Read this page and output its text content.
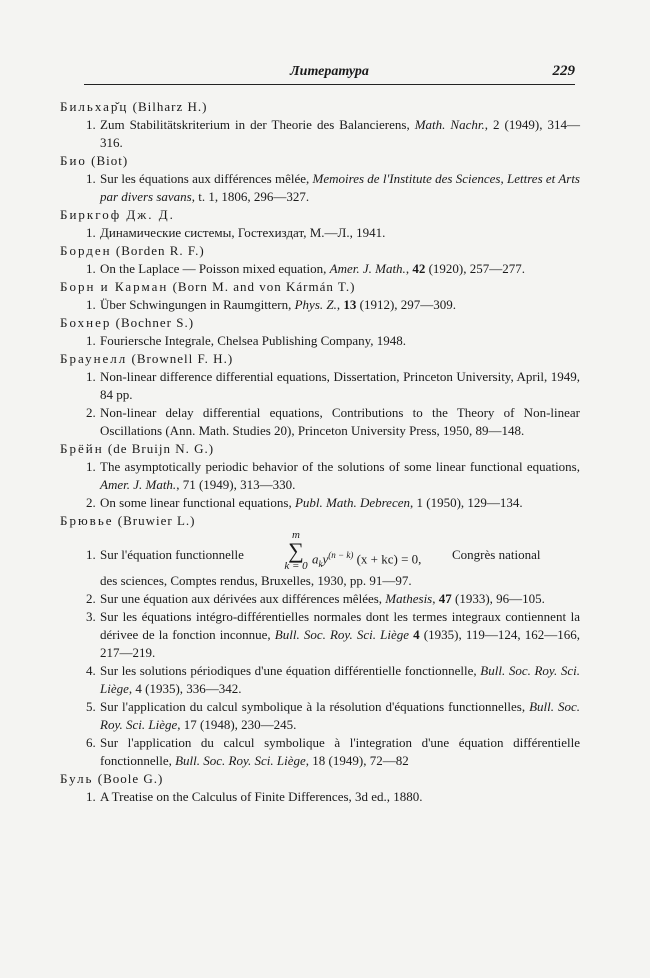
Литература	229
Бильхар̌ц (Bilharz H.)
1. Zum Stabilitätskriterium in der Theorie des Balancierens, Math. Nachr., 2 (1949), 314—316.
Био (Biot)
1. Sur les équations aux différences mêlée, Memoires de l'Institute des Sciences, Lettres et Arts par divers savans, t. 1, 1806, 296—327.
Биркгоф Дж. Д.
1. Динамические системы, Гостехиздат, М.—Л., 1941.
Борден (Borden R. F.)
1. On the Laplace — Poisson mixed equation, Amer. J. Math., 42 (1920), 257—277.
Борн и Карман (Born M. and von Kármán T.)
1. Über Schwingungen in Raumgittern, Phys. Z., 13 (1912), 297—309.
Бохнер (Bochner S.)
1. Fouriersche Integrale, Chelsea Publishing Company, 1948.
Браунелл (Brownell F. H.)
1. Non-linear difference differential equations, Dissertation, Princeton University, April, 1949, 84 pp.
2. Non-linear delay differential equations, Contributions to the Theory of Non-linear Oscillations (Ann. Math. Studies 20), Princeton University Press, 1950, 89—148.
Брёйн (de Bruijn N. G.)
1. The asymptotically periodic behavior of the solutions of some linear functional equations, Amer. J. Math., 71 (1949), 313—330.
2. On some linear functional equations, Publ. Math. Debrecen, 1 (1950), 129—134.
Брювье (Bruwier L.)
1. Sur l'équation functionnelle
m
∑
k = 0 $a_ky^{(n - k)}$ (x + kc) = 0, Congrès national
des sciences, Comptes rendus, Bruxelles, 1930, pp. 91—97.
2. Sur une équation aux dérivées aux différences mêlées, Mathesis, 47 (1933), 96—105.
3. Sur les équations intégro-différentielles normales dont les termes integraux contiennent la dérivee de la fonction inconnue, Bull. Soc. Roy. Sci. Liège 4 (1935), 119—124, 162—166, 217—219.
4. Sur les solutions périodiques d'une équation différentielle fonctionnelle, Bull. Soc. Roy. Sci. Liège, 4 (1935), 336—342.
5. Sur l'application du calcul symbolique à la résolution d'équations functionnelles, Bull. Soc. Roy. Sci. Liège, 17 (1948), 230—245.
6. Sur l'application du calcul symbolique à l'integration d'une équation différentielle fonctionnelle, Bull. Soc. Roy. Sci. Liège, 18 (1949), 72—82
Буль (Boole G.)
1. A Treatise on the Calculus of Finite Differences, 3d ed., 1880.
